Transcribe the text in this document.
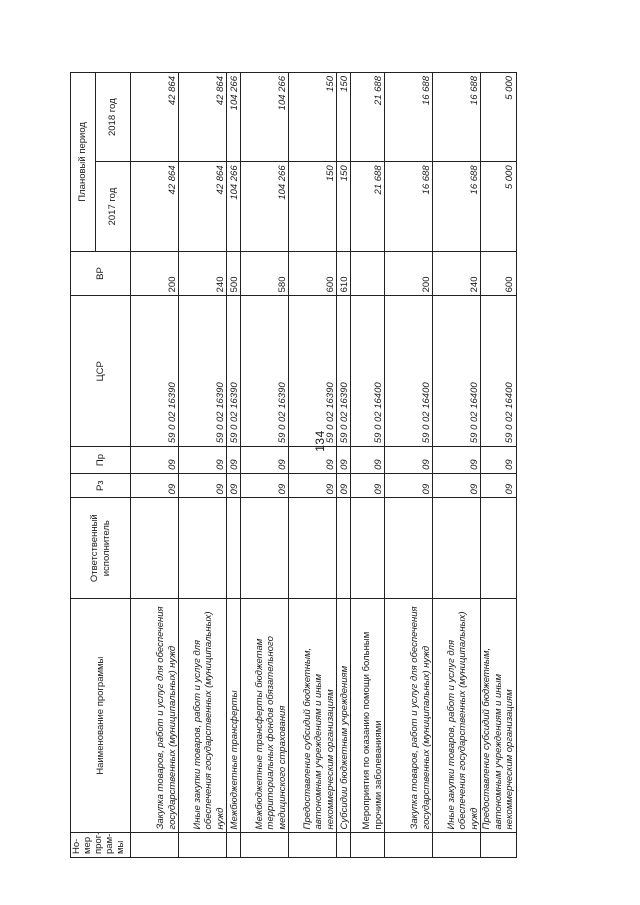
134
Но-мер прог-рам-мы	Наименование программы	Ответственный исполнитель	Рз	Пр	ЦСР	ВР	Плановый период	
							2017 год	2018 год
	Закупка товаров, работ и услуг для обеспечения государственных (муниципальных) нужд		09	09	59 0 02 16390	200	42 864	42 864
	Иные закупки товаров, работ и услуг для обеспечения государственных (муниципальных) нужд		09	09	59 0 02 16390	240	42 864	42 864
	Межбюджетные трансферты		09	09	59 0 02 16390	500	104 266	104 266
	Межбюджетные трансферты бюджетам территориальных фондов обязательного медицинского страхования		09	09	59 0 02 16390	580	104 266	104 266
	Предоставление субсидий бюджетным, автономным учреждениям и иным некоммерческим организациям		09	09	59 0 02 16390	600	150	150
	Субсидии бюджетным учреждениям		09	09	59 0 02 16390	610	150	150
	Мероприятия по оказанию помощи больным прочими заболеваниями		09	09	59 0 02 16400		21 688	21 688
	Закупка товаров, работ и услуг для обеспечения государственных (муниципальных) нужд		09	09	59 0 02 16400	200	16 688	16 688
	Иные закупки товаров, работ и услуг для обеспечения государственных (муниципальных) нужд		09	09	59 0 02 16400	240	16 688	16 688
	Предоставление субсидий бюджетным, автономным учреждениям и иным некоммерческим организациям		09	09	59 0 02 16400	600	5 000	5 000
